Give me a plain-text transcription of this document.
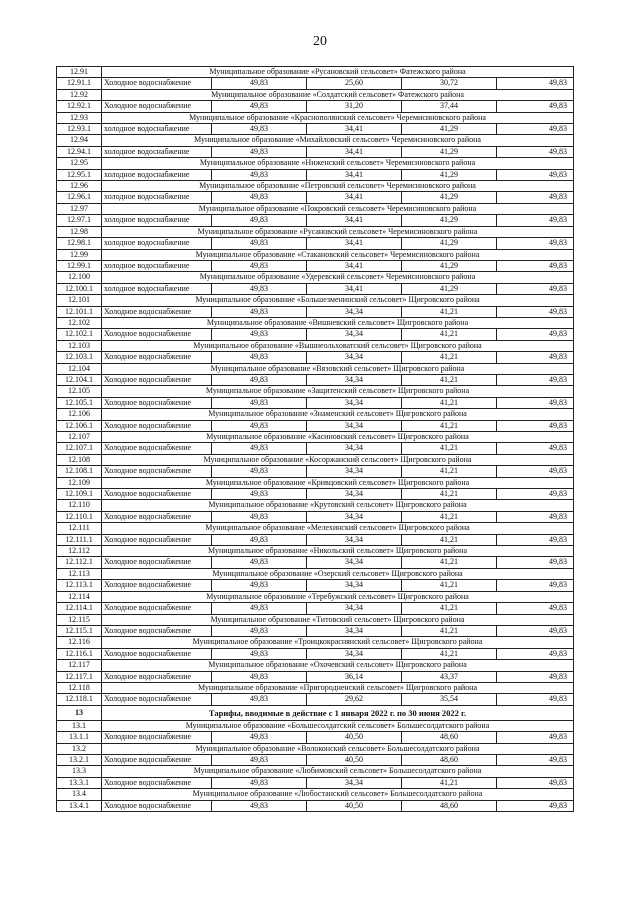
20
12.91	Муниципальное образование «Русановский сельсовет» Фатежского района				
12.91.1	Холодное водоснабжение	49,83	25,60	30,72	49,83
12.92	Муниципальное образование «Солдатский сельсовет» Фатежского района				
12.92.1	Холодное водоснабжение	49,83	31,20	37,44	49,83
12.93	Муниципальное образование «Краснополянский сельсовет» Черемисиновского района				
12.93.1	холодное водоснабжение	49,83	34,41	41,29	49,83
12.94	Муниципальное образование «Михайловский сельсовет» Черемисиновского района				
12.94.1	холодное водоснабжение	49,83	34,41	41,29	49,83
12.95	Муниципальное образование «Ниженский сельсовет» Черемисиновского района				
12.95.1	холодное водоснабжение	49,83	34,41	41,29	49,83
12.96	Муниципальное образование «Петровский сельсовет» Черемисиновского района				
12.96.1	холодное водоснабжение	49,83	34,41	41,29	49,83
12.97	Муниципальное образование «Покровский сельсовет» Черемисиновского района				
12.97.1	холодное водоснабжение	49,83	34,41	41,29	49,83
12.98	Муниципальное образование «Русановский сельсовет» Черемисиновского района				
12.98.1	холодное водоснабжение	49,83	34,41	41,29	49,83
12.99	Муниципальное образование «Стакановский сельсовет» Черемисиновского района				
12.99.1	холодное водоснабжение	49,83	34,41	41,29	49,83
12.100	Муниципальное образование «Удеревский сельсовет» Черемисиновского района				
12.100.1	холодное водоснабжение	49,83	34,41	41,29	49,83
12.101	Муниципальное образование «Большезменинский сельсовет» Щигровского района				
12.101.1	Холодное водоснабжение	49,83	34,34	41,21	49,83
12.102	Муниципальное образование «Вишневский сельсовет» Щигровского района				
12.102.1	Холодное водоснабжение	49,83	34,34	41,21	49,83
12.103	Муниципальное образование «Вышнеольховатский сельсовет» Щигровского района				
12.103.1	Холодное водоснабжение	49,83	34,34	41,21	49,83
12.104	Муниципальное образование «Вязовский сельсовет» Щигровского района				
12.104.1	Холодное водоснабжение	49,83	34,34	41,21	49,83
12.105	Муниципальное образование «Защитенский сельсовет» Щигровского района				
12.105.1	Холодное водоснабжение	49,83	34,34	41,21	49,83
12.106	Муниципальное образование «Знаменский сельсовет» Щигровского района				
12.106.1	Холодное водоснабжение	49,83	34,34	41,21	49,83
12.107	Муниципальное образование «Касиновский сельсовет» Щигровского района				
12.107.1	Холодное водоснабжение	49,83	34,34	41,21	49,83
12.108	Муниципальное образование «Косоржанский сельсовет» Щигровского района				
12.108.1	Холодное водоснабжение	49,83	34,34	41,21	49,83
12.109	Муниципальное образование «Кривцовский сельсовет» Щигровского района				
12.109.1	Холодное водоснабжение	49,83	34,34	41,21	49,83
12.110	Муниципальное образование «Крутовский сельсовет» Щигровского района				
12.110.1	Холодное водоснабжение	49,83	34,34	41,21	49,83
12.111	Муниципальное образование «Мелехинский сельсовет» Щигровского района				
12.111.1	Холодное водоснабжение	49,83	34,34	41,21	49,83
12.112	Муниципальное образование «Никольский сельсовет» Щигровского района				
12.112.1	Холодное водоснабжение	49,83	34,34	41,21	49,83
12.113	Муниципальное образование «Озерский сельсовет» Щигровского района				
12.113.1	Холодное водоснабжение	49,83	34,34	41,21	49,83
12.114	Муниципальное образование «Теребужский сельсовет» Щигровского района				
12.114.1	Холодное водоснабжение	49,83	34,34	41,21	49,83
12.115	Муниципальное образование «Титовский сельсовет» Щигровского района				
12.115.1	Холодное водоснабжение	49,83	34,34	41,21	49,83
12.116	Муниципальное образование «Троицкокраснянский сельсовет» Щигровского района				
12.116.1	Холодное водоснабжение	49,83	34,34	41,21	49,83
12.117	Муниципальное образование «Охочевский сельсовет» Щигровского района				
12.117.1	Холодное водоснабжение	49,83	36,14	43,37	49,83
12.118	Муниципальное образование «Пригородненский сельсовет» Щигровского района				
12.118.1	Холодное водоснабжение	49,83	29,62	35,54	49,83
13	Тарифы, вводимые в действие с 1 января 2022 г. по 30 июня 2022 г.				
13.1	Муниципальное образование «Большесолдатский сельсовет» Большесолдатского района				
13.1.1	Холодное водоснабжение	49,83	40,50	48,60	49,83
13.2	Муниципальное образование «Волоконский сельсовет» Большесолдатского района				
13.2.1	Холодное водоснабжение	49,83	40,50	48,60	49,83
13.3	Муниципальное образование «Любимовский сельсовет» Большесолдатского района				
13.3.1	Холодное водоснабжение	49,83	34,34	41,21	49,83
13.4	Муниципальное образование «Любостанский сельсовет» Большесолдатского района				
13.4.1	Холодное водоснабжение	49,83	40,50	48,60	49,83
